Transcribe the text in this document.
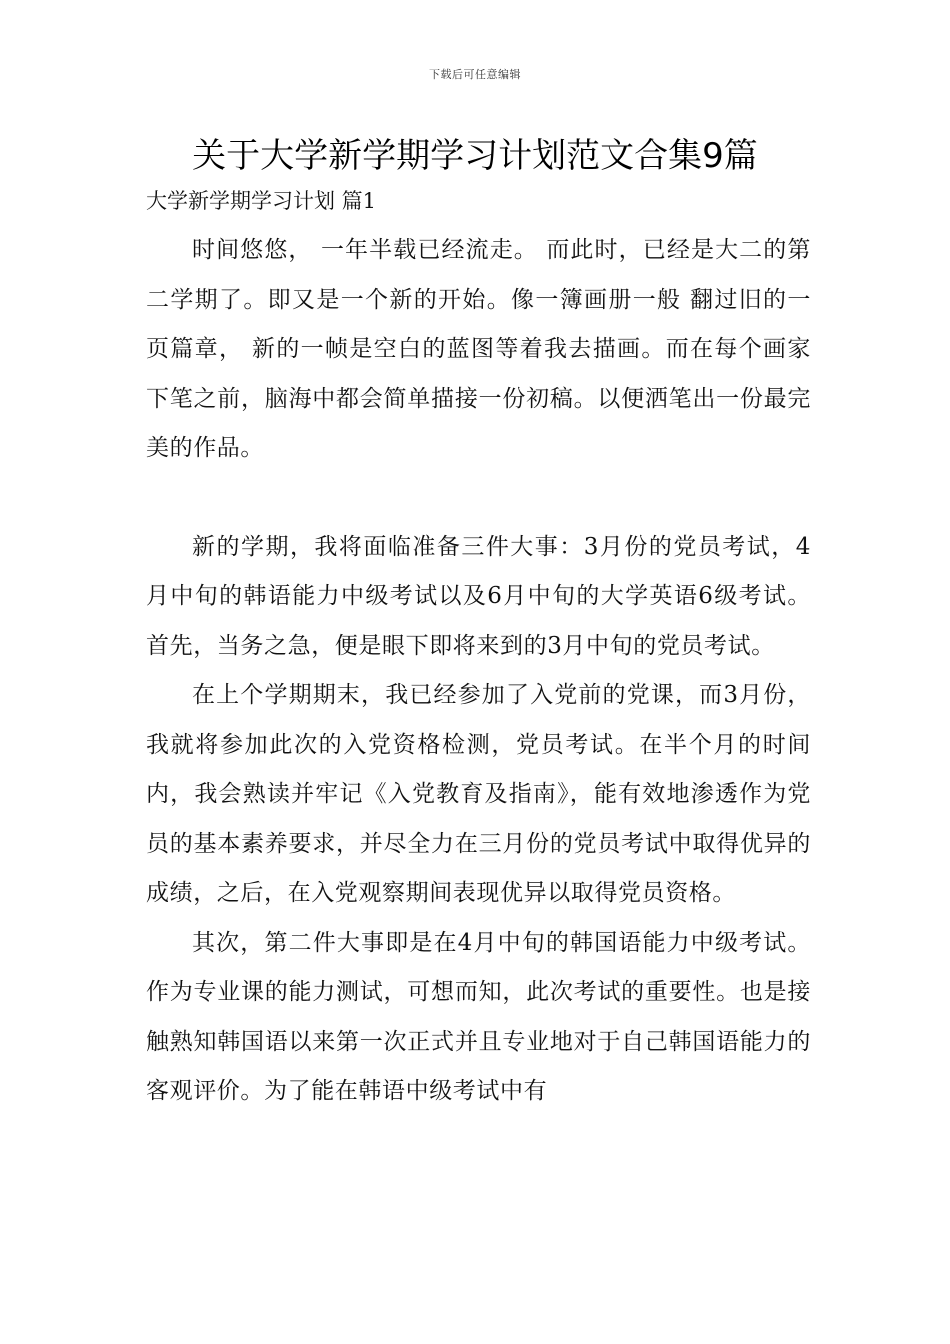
下载后可任意编辑
关于大学新学期学习计划范文合集9篇
大学新学期学习计划 篇1

时间悠悠， 一年半载已经流走。 而此时，已经是大二的第二学期了。即又是一个新的开始。像一簿画册一般 翻过旧的一页篇章， 新的一帧是空白的蓝图等着我去描画。而在每个画家下笔之前，脑海中都会简单描接一份初稿。以便洒笔出一份最完美的作品。

新的学期，我将面临准备三件大事：3月份的党员考试，4月中旬的韩语能力中级考试以及6月中旬的大学英语6级考试。首先，当务之急，便是眼下即将来到的3月中旬的党员考试。

在上个学期期末，我已经参加了入党前的党课，而3月份，我就将参加此次的入党资格检测，党员考试。在半个月的时间内，我会熟读并牢记《入党教育及指南》，能有效地渗透作为党员的基本素养要求，并尽全力在三月份的党员考试中取得优异的成绩，之后，在入党观察期间表现优异以取得党员资格。

其次，第二件大事即是在4月中旬的韩国语能力中级考试。作为专业课的能力测试，可想而知，此次考试的重要性。也是接触熟知韩国语以来第一次正式并且专业地对于自己韩国语能力的客观评价。为了能在韩语中级考试中有
